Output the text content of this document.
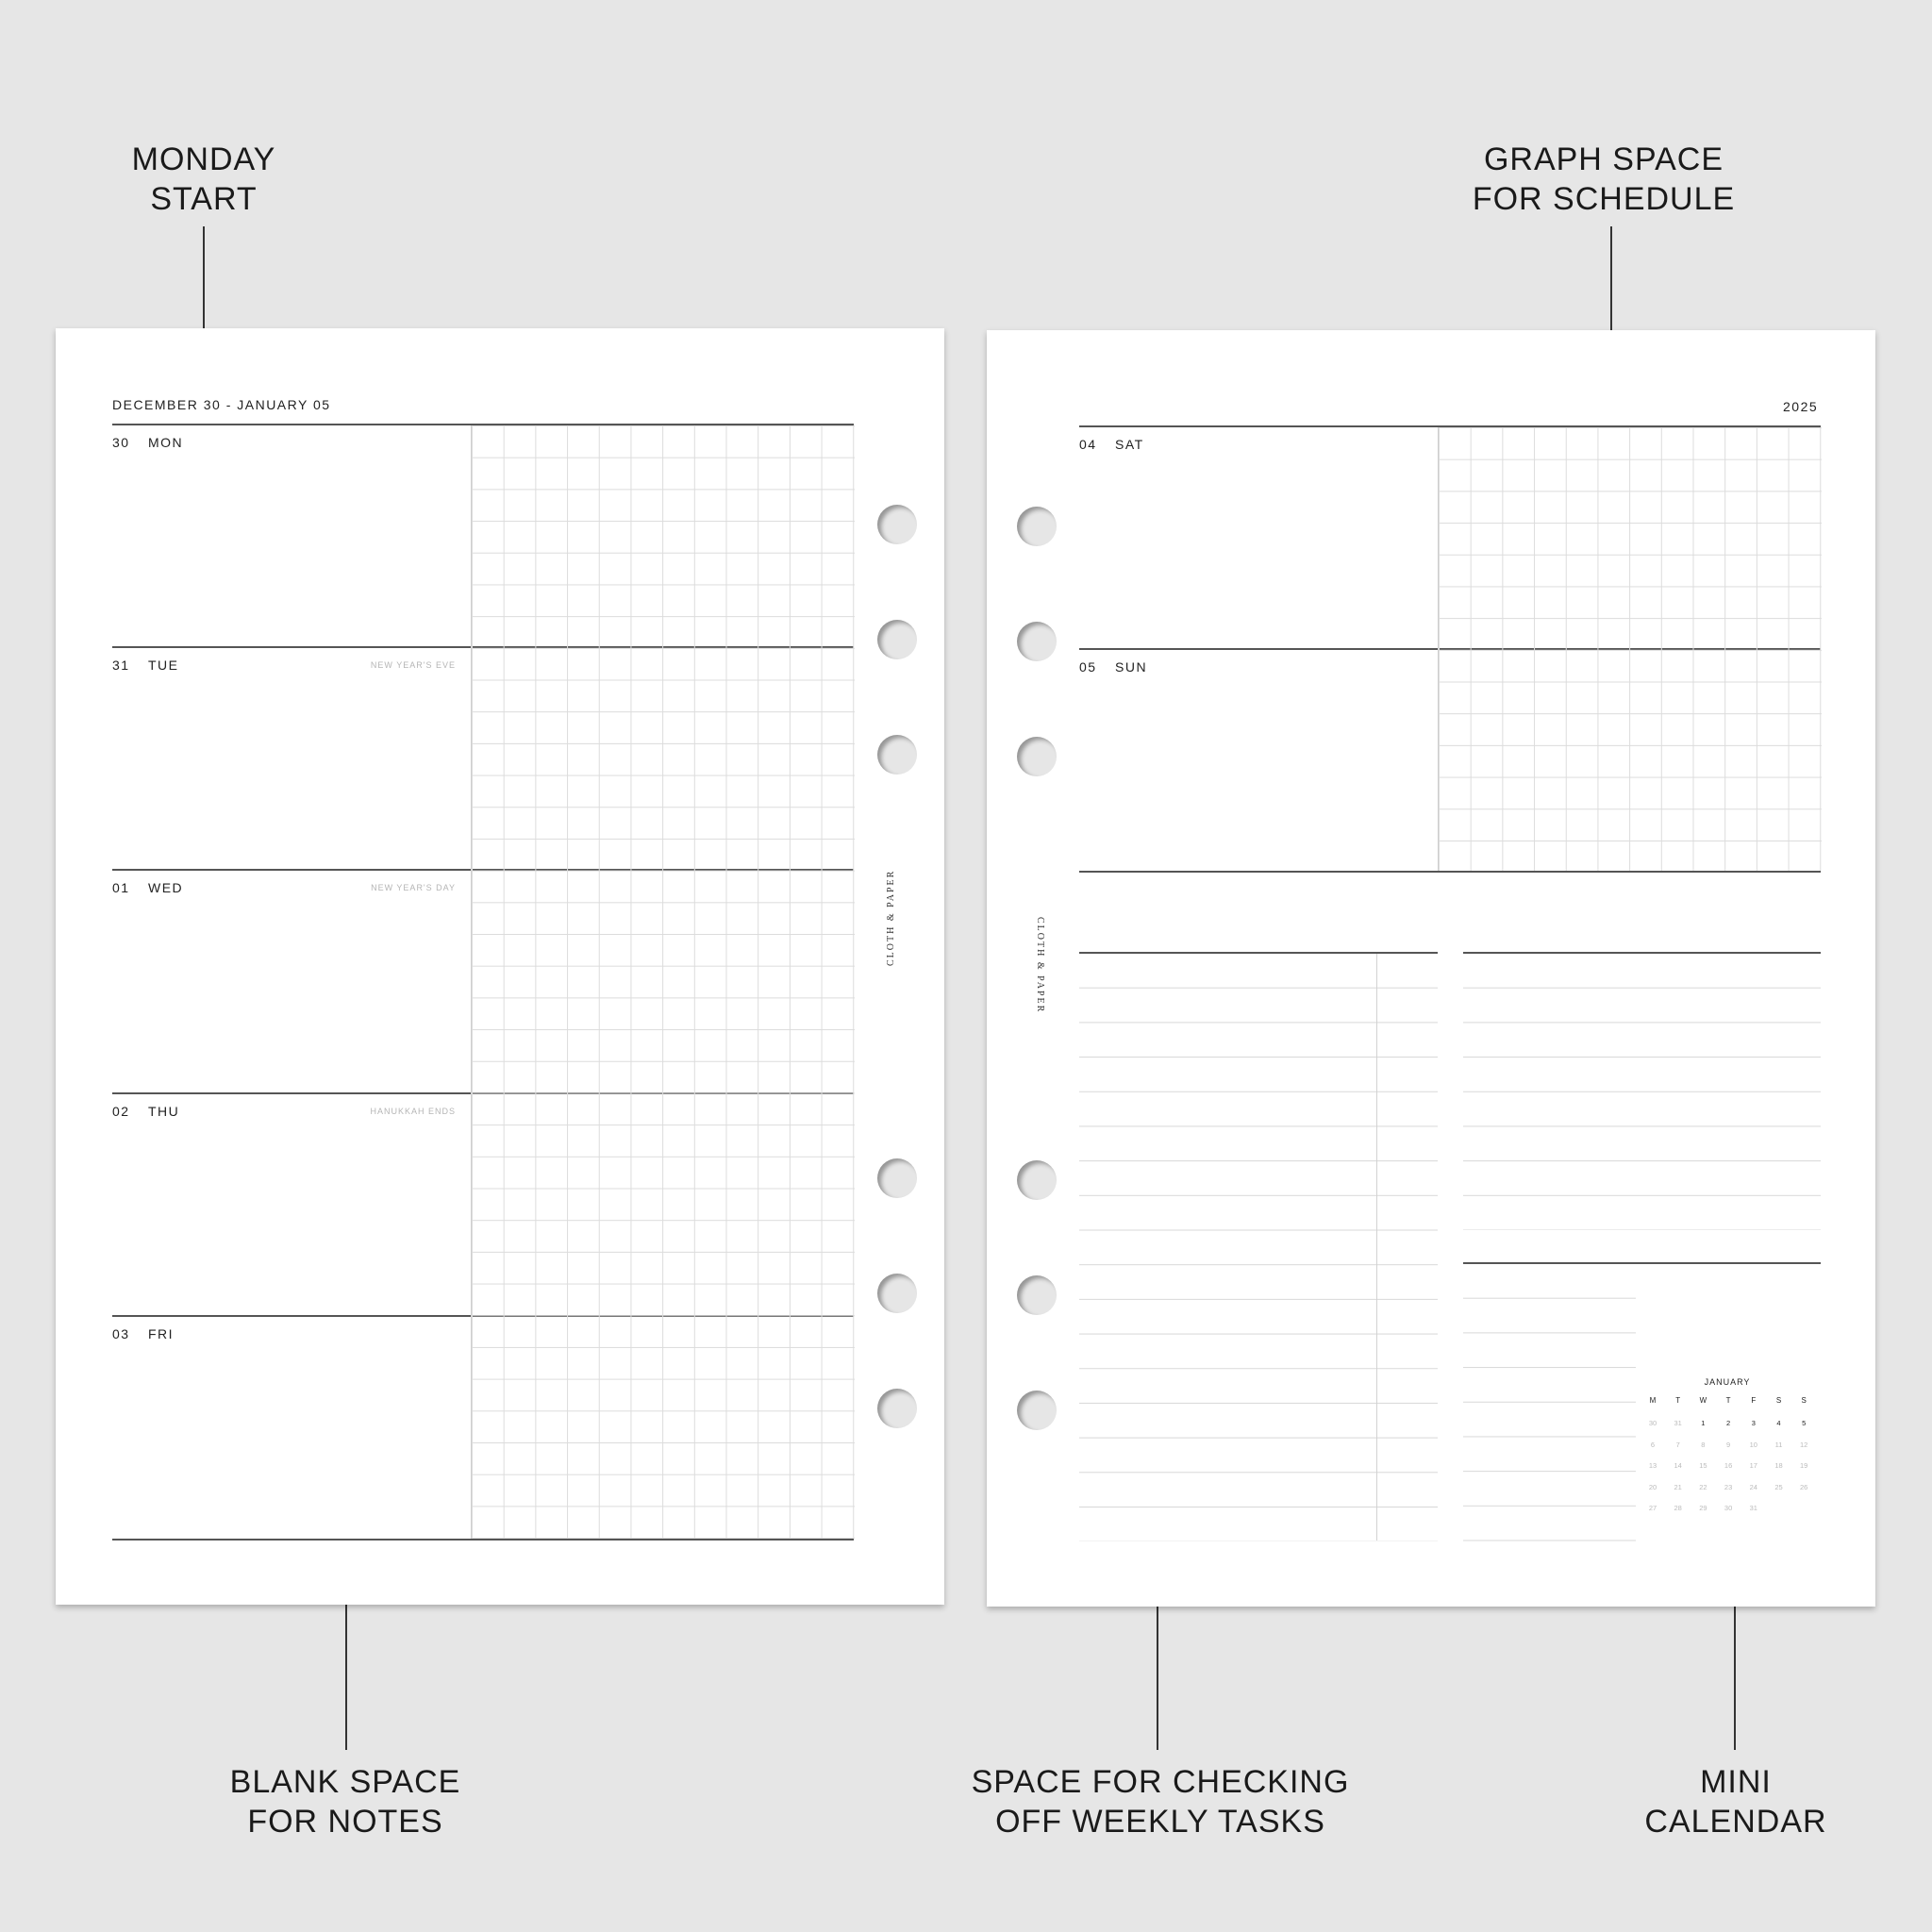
MONDAY
START
GRAPH SPACE
FOR SCHEDULE
BLANK SPACE
FOR NOTES
SPACE FOR CHECKING
OFF WEEKLY TASKS
MINI
CALENDAR
DECEMBER 30 - JANUARY 05
30 MON
31 TUE	NEW YEAR'S EVE
01 WED	NEW YEAR'S DAY
02 THU	HANUKKAH ENDS
03 FRI
CLOTH & PAPER
2025
04 SAT
05 SUN
CLOTH & PAPER
JANUARY
M	T	W	T	F	S	S
30	31	1	2	3	4	5
6	7	8	9	10	11	12
13	14	15	16	17	18	19
20	21	22	23	24	25	26
27	28	29	30	31
